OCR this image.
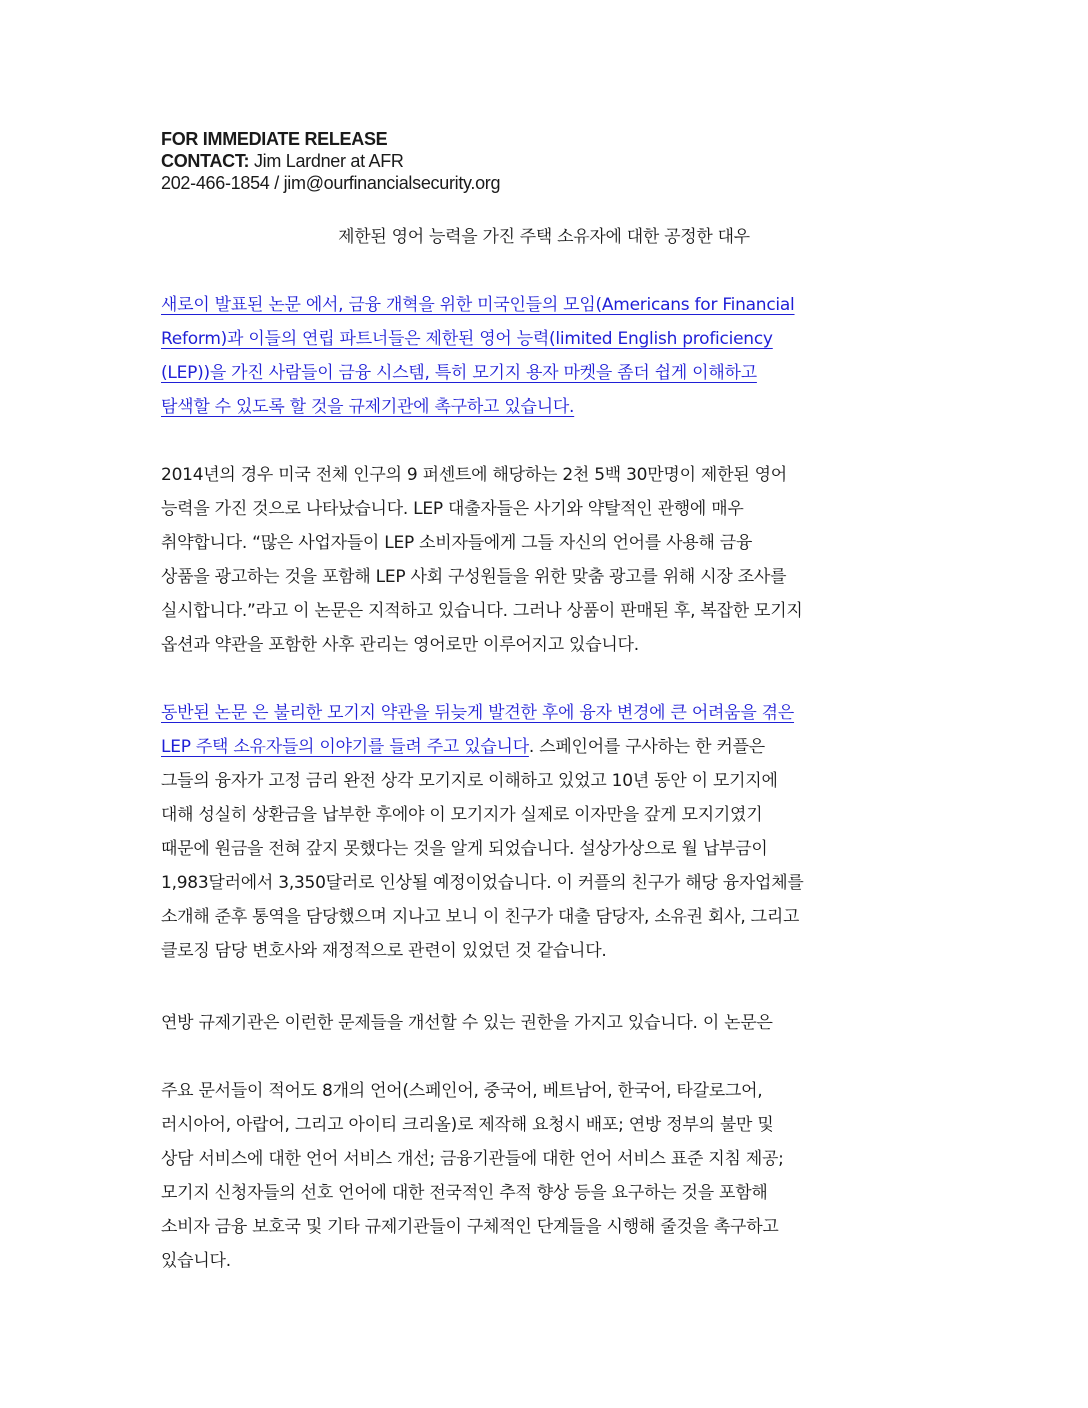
FOR IMMEDIATE RELEASE
CONTACT: Jim Lardner at AFR
202-466-1854 / jim@ourfinancialsecurity.org
제한된 영어 능력을 가진 주택 소유자에 대한 공정한 대우
새로이 발표된 논문 에서, 금융 개혁을 위한 미국인들의 모임(Americans for Financial
Reform)과 이들의 연립 파트너들은 제한된 영어 능력(limited English proficiency
(LEP))을 가진 사람들이 금융 시스템, 특히 모기지 용자 마켓을 좀더 쉽게 이해하고
탐색할 수 있도록 할 것을 규제기관에 촉구하고 있습니다.
2014년의 경우 미국 전체 인구의 9 퍼센트에 해당하는 2천 5백 30만명이 제한된 영어
능력을 가진 것으로 나타났습니다. LEP 대출자들은 사기와 약탈적인 관행에 매우
취약합니다. “많은 사업자들이 LEP 소비자들에게 그들 자신의 언어를 사용해 금융
상품을 광고하는 것을 포함해 LEP 사회 구성원들을 위한 맞춤 광고를 위해 시장 조사를
실시합니다.”라고 이 논문은 지적하고 있습니다. 그러나 상품이 판매된 후, 복잡한 모기지
옵션과 약관을 포함한 사후 관리는 영어로만 이루어지고 있습니다.
동반된 논문 은 불리한 모기지 약관을 뒤늦게 발견한 후에 융자 변경에 큰 어려움을 겪은
LEP 주택 소유자들의 이야기를 들려 주고 있습니다. 스페인어를 구사하는 한 커플은
그들의 융자가 고정 금리 완전 상각 모기지로 이해하고 있었고 10년 동안 이 모기지에
대해 성실히 상환금을 납부한 후에야 이 모기지가 실제로 이자만을 갚게 모지기였기
때문에 원금을 전혀 갚지 못했다는 것을 알게 되었습니다. 설상가상으로 월 납부금이
1,983달러에서 3,350달러로 인상될 예정이었습니다. 이 커플의 친구가 해당 융자업체를
소개해 준후 통역을 담당했으며 지나고 보니 이 친구가 대출 담당자, 소유권 회사, 그리고
클로징 담당 변호사와 재정적으로 관련이 있었던 것 같습니다.
연방 규제기관은 이런한 문제들을 개선할 수 있는 권한을 가지고 있습니다. 이 논문은
주요 문서들이 적어도 8개의 언어(스페인어, 중국어, 베트남어, 한국어, 타갈로그어,
러시아어, 아랍어, 그리고 아이티 크리올)로 제작해 요청시 배포; 연방 정부의 불만 및
상담 서비스에 대한 언어 서비스 개선; 금융기관들에 대한 언어 서비스 표준 지침 제공;
모기지 신청자들의 선호 언어에 대한 전국적인 추적 향상 등을 요구하는 것을 포함해
소비자 금융 보호국 및 기타 규제기관들이 구체적인 단계들을 시행해 줄것을 촉구하고
있습니다.
